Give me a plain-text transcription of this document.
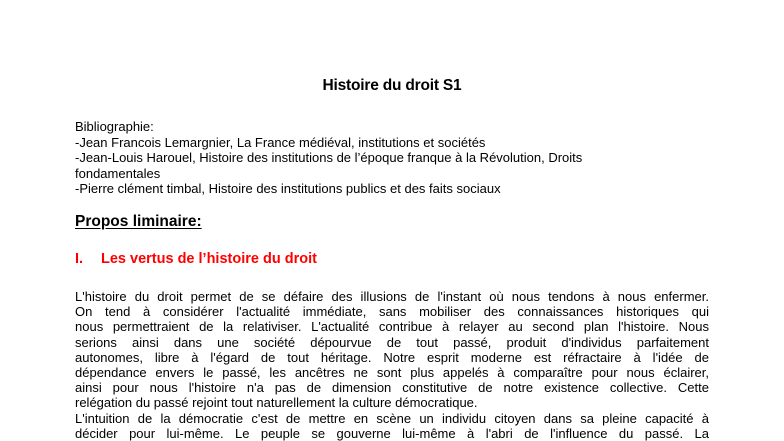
Histoire du droit S1
Bibliographie:
-Jean Francois Lemargnier, La France médiéval, institutions et sociétés
-Jean-Louis Harouel, Histoire des institutions de l’époque franque à la Révolution, Droits
fondamentales
-Pierre clément timbal, Histoire des institutions publics et des faits sociaux
Propos liminaire:
I. Les vertus de l’histoire du droit
L'histoire du droit permet de se défaire des illusions de l'instant où nous tendons à nous enfermer.
On tend à considérer l'actualité immédiate, sans mobiliser des connaissances historiques qui
nous permettraient de la relativiser. L'actualité contribue à relayer au second plan l'histoire. Nous
serions ainsi dans une société dépourvue de tout passé, produit d'individus parfaitement
autonomes, libre à l'égard de tout héritage. Notre esprit moderne est réfractaire à l'idée de
dépendance envers le passé, les ancêtres ne sont plus appelés à comparaître pour nous éclairer,
ainsi pour nous l'histoire n'a pas de dimension constitutive de notre existence collective. Cette
relégation du passé rejoint tout naturellement la culture démocratique.
L'intuition de la démocratie c'est de mettre en scène un individu citoyen dans sa pleine capacité à
décider pour lui-même. Le peuple se gouverne lui-même à l'abri de l'influence du passé. La
